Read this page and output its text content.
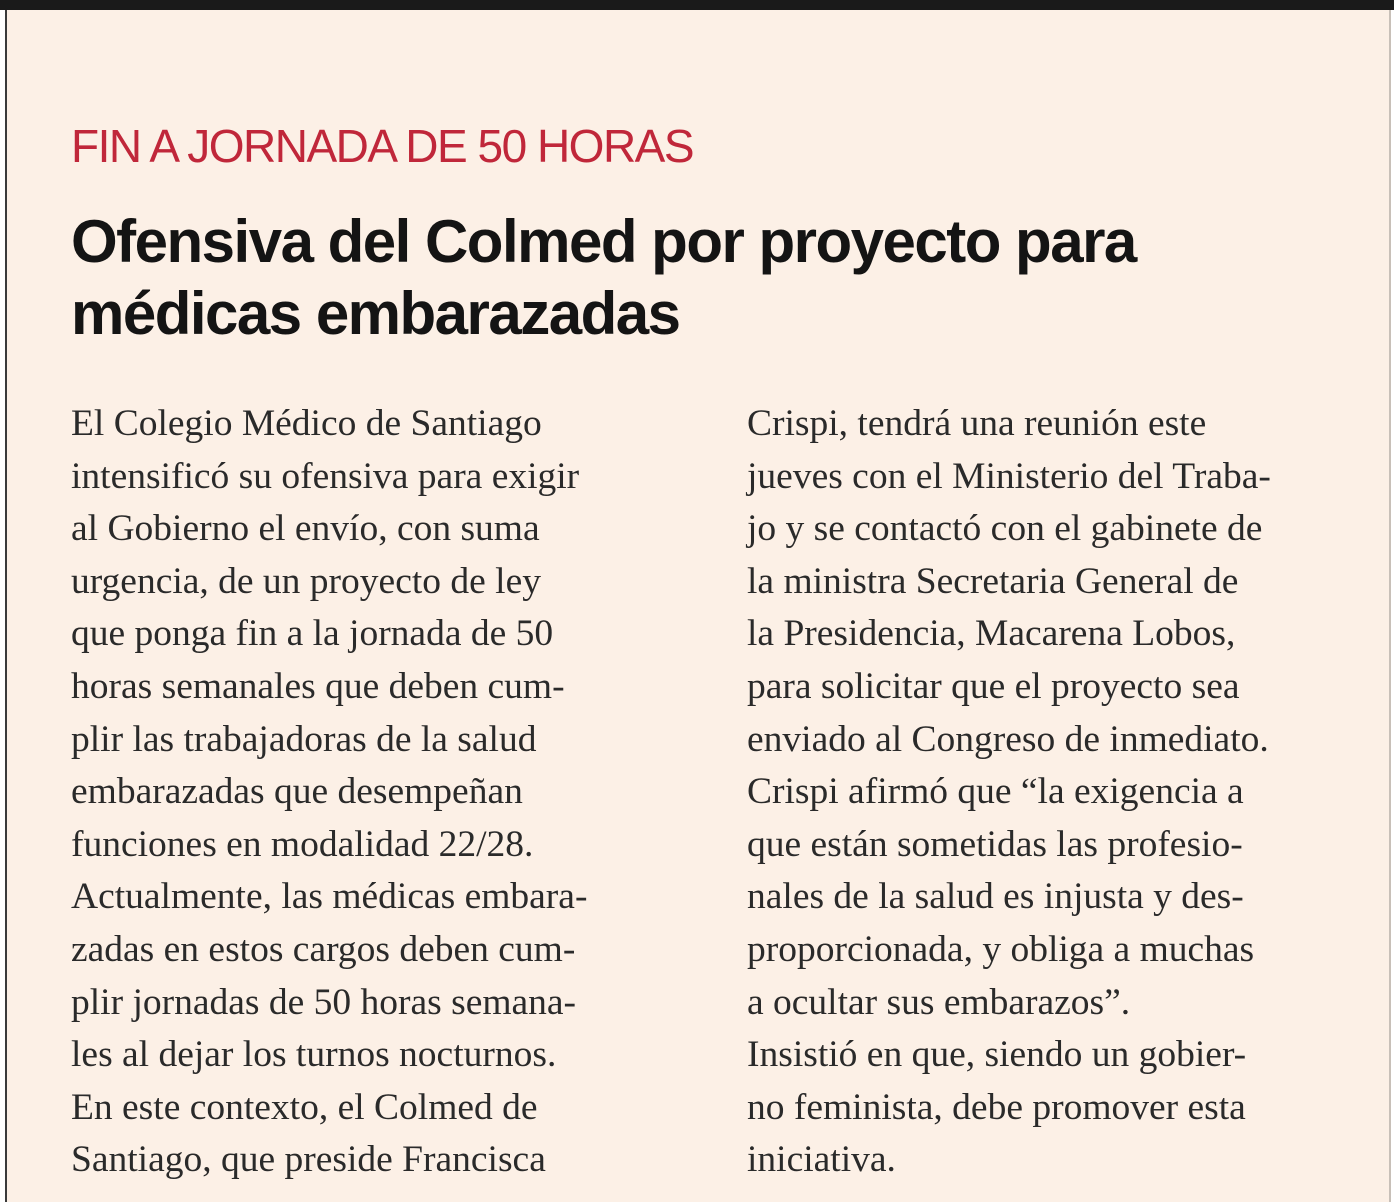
FIN A JORNADA DE 50 HORAS
Ofensiva del Colmed por proyecto para médicas embarazadas
El Colegio Médico de Santiago
intensificó su ofensiva para exigir
al Gobierno el envío, con suma
urgencia, de un proyecto de ley
que ponga fin a la jornada de 50
horas semanales que deben cum-
plir las trabajadoras de la salud
embarazadas que desempeñan
funciones en modalidad 22/28.
Actualmente, las médicas embara-
zadas en estos cargos deben cum-
plir jornadas de 50 horas semana-
les al dejar los turnos nocturnos.
En este contexto, el Colmed de
Santiago, que preside Francisca
Crispi, tendrá una reunión este
jueves con el Ministerio del Traba-
jo y se contactó con el gabinete de
la ministra Secretaria General de
la Presidencia, Macarena Lobos,
para solicitar que el proyecto sea
enviado al Congreso de inmediato.
Crispi afirmó que “la exigencia a
que están sometidas las profesio-
nales de la salud es injusta y des-
proporcionada, y obliga a muchas
a ocultar sus embarazos”.
Insistió en que, siendo un gobier-
no feminista, debe promover esta
iniciativa.
